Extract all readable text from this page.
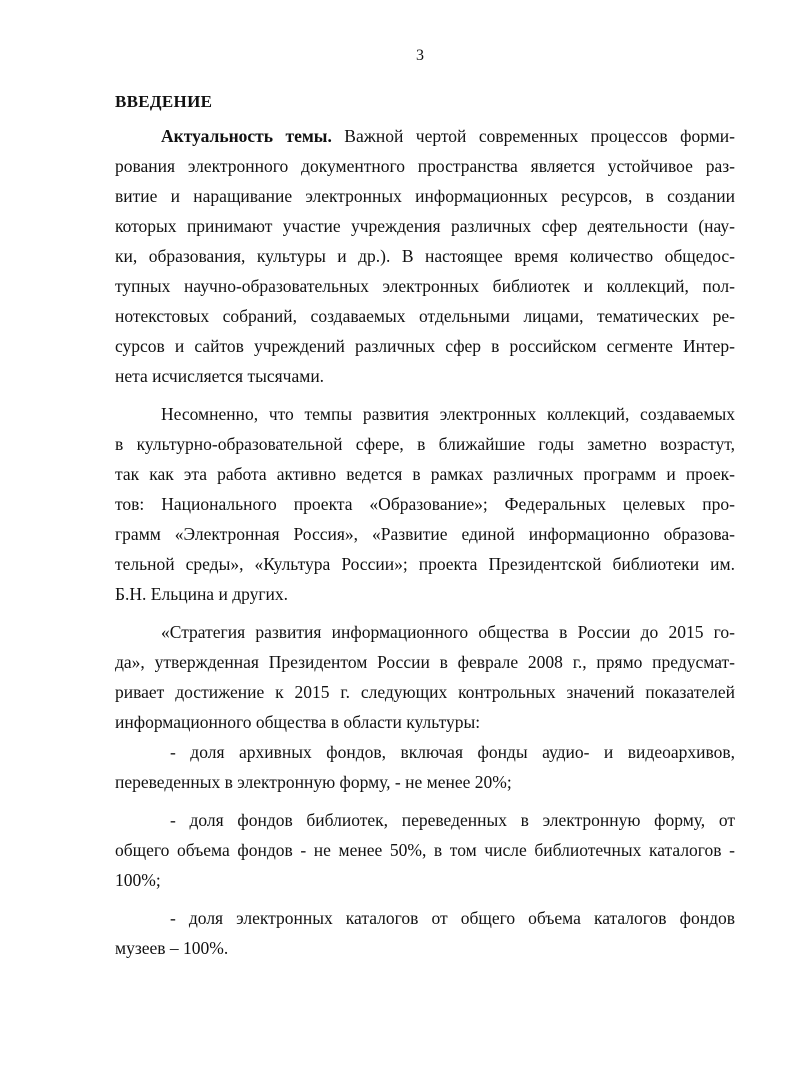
3
ВВЕДЕНИЕ
Актуальность темы. Важной чертой современных процессов форми-
рования электронного документного пространства является устойчивое раз-
витие и наращивание электронных информационных ресурсов, в создании
которых принимают участие учреждения различных сфер деятельности (нау-
ки, образования, культуры и др.). В настоящее время количество общедос-
тупных научно-образовательных электронных библиотек и коллекций, пол-
нотекстовых собраний, создаваемых отдельными лицами, тематических ре-
сурсов и сайтов учреждений различных сфер в российском сегменте Интер-
нета исчисляется тысячами.
Несомненно, что темпы развития электронных коллекций, создаваемых
в культурно-образовательной сфере, в ближайшие годы заметно возрастут,
так как эта работа активно ведется в рамках различных программ и проек-
тов: Национального проекта «Образование»; Федеральных целевых про-
грамм «Электронная Россия», «Развитие единой информационно образова-
тельной среды», «Культура России»; проекта Президентской библиотеки им.
Б.Н. Ельцина и других.
«Стратегия развития информационного общества в России до 2015 го-
да», утвержденная Президентом России в феврале 2008 г., прямо предусмат-
ривает достижение к 2015 г. следующих контрольных значений показателей
информационного общества в области культуры:
- доля архивных фондов, включая фонды аудио- и видеоархивов,
переведенных в электронную форму, - не менее 20%;
- доля фондов библиотек, переведенных в электронную форму, от
общего объема фондов - не менее 50%, в том числе библиотечных каталогов -
100%;
- доля электронных каталогов от общего объема каталогов фондов
музеев – 100%.
